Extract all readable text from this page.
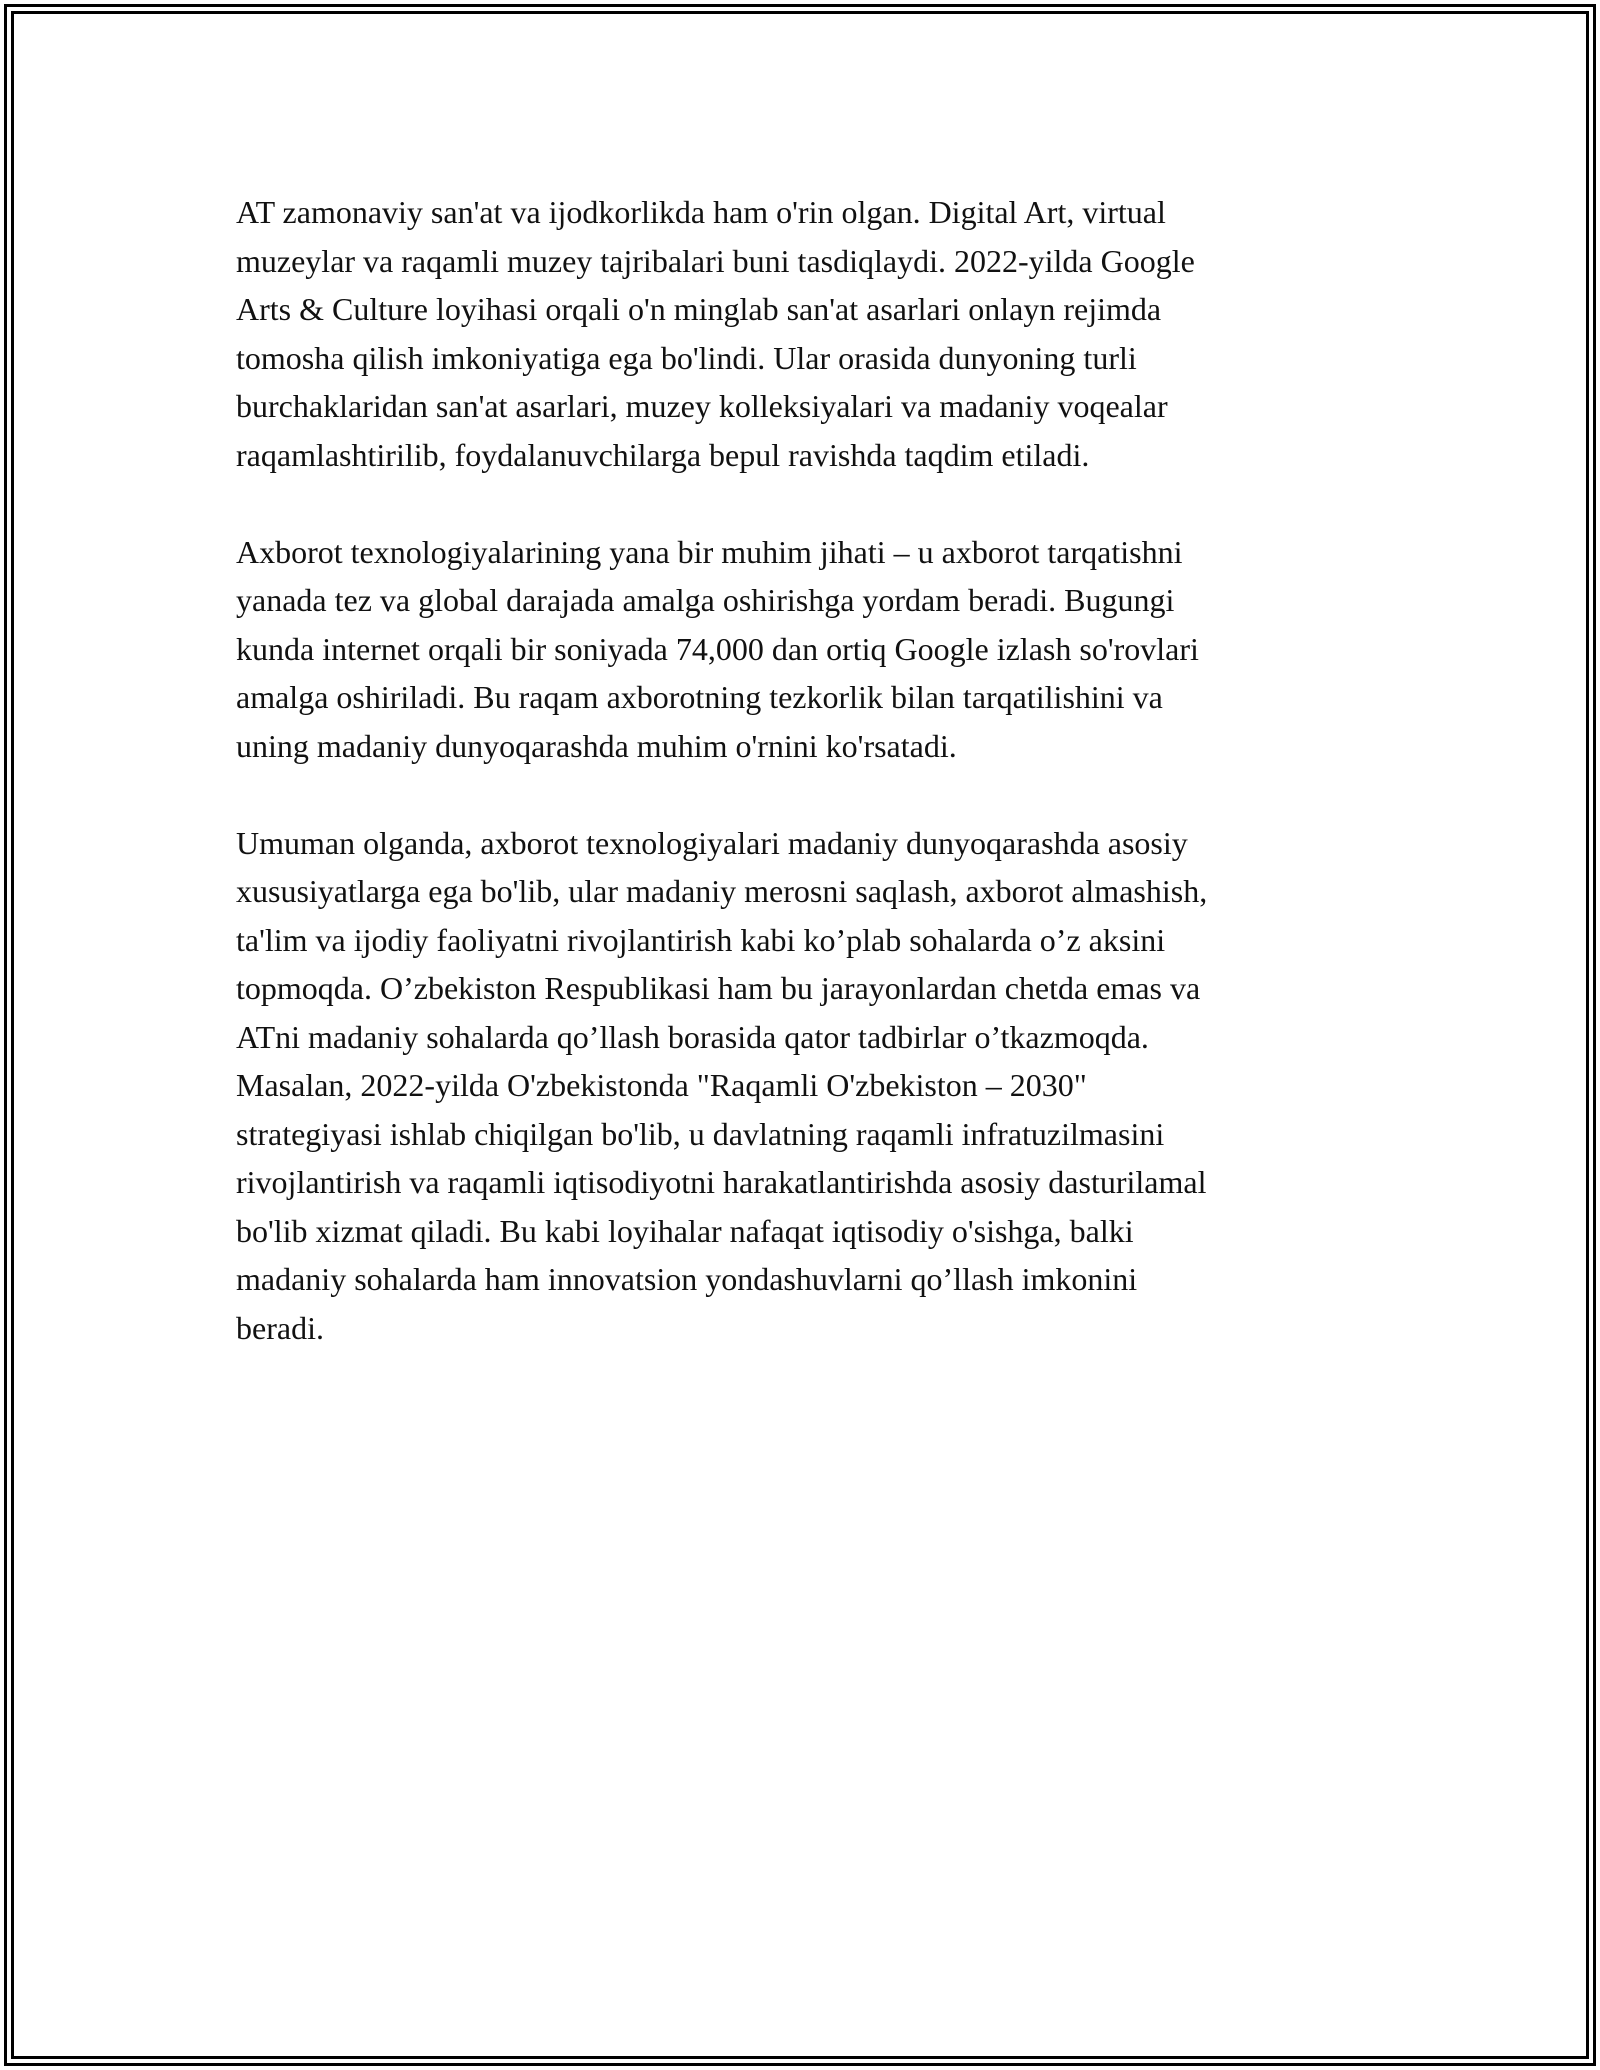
AT zamonaviy san'at va ijodkorlikda ham o'rin olgan. Digital Art, virtual
muzeylar va raqamli muzey tajribalari buni tasdiqlaydi. 2022-yilda Google
Arts & Culture loyihasi orqali o'n minglab san'at asarlari onlayn rejimda
tomosha qilish imkoniyatiga ega bo'lindi. Ular orasida dunyoning turli
burchaklaridan san'at asarlari, muzey kolleksiyalari va madaniy voqealar
raqamlashtirilib, foydalanuvchilarga bepul ravishda taqdim etiladi.

Axborot texnologiyalarining yana bir muhim jihati – u axborot tarqatishni
yanada tez va global darajada amalga oshirishga yordam beradi. Bugungi
kunda internet orqali bir soniyada 74,000 dan ortiq Google izlash so'rovlari
amalga oshiriladi. Bu raqam axborotning tezkorlik bilan tarqatilishini va
uning madaniy dunyoqarashda muhim o'rnini ko'rsatadi.

Umuman olganda, axborot texnologiyalari madaniy dunyoqarashda asosiy
xususiyatlarga ega bo'lib, ular madaniy merosni saqlash, axborot almashish,
ta'lim va ijodiy faoliyatni rivojlantirish kabi ko’plab sohalarda o’z aksini
topmoqda. O’zbekiston Respublikasi ham bu jarayonlardan chetda emas va
ATni madaniy sohalarda qo’llash borasida qator tadbirlar o’tkazmoqda.
Masalan, 2022-yilda O'zbekistonda "Raqamli O'zbekiston – 2030"
strategiyasi ishlab chiqilgan bo'lib, u davlatning raqamli infratuzilmasini
rivojlantirish va raqamli iqtisodiyotni harakatlantirishda asosiy dasturilamal
bo'lib xizmat qiladi. Bu kabi loyihalar nafaqat iqtisodiy o'sishga, balki
madaniy sohalarda ham innovatsion yondashuvlarni qo’llash imkonini
beradi.
